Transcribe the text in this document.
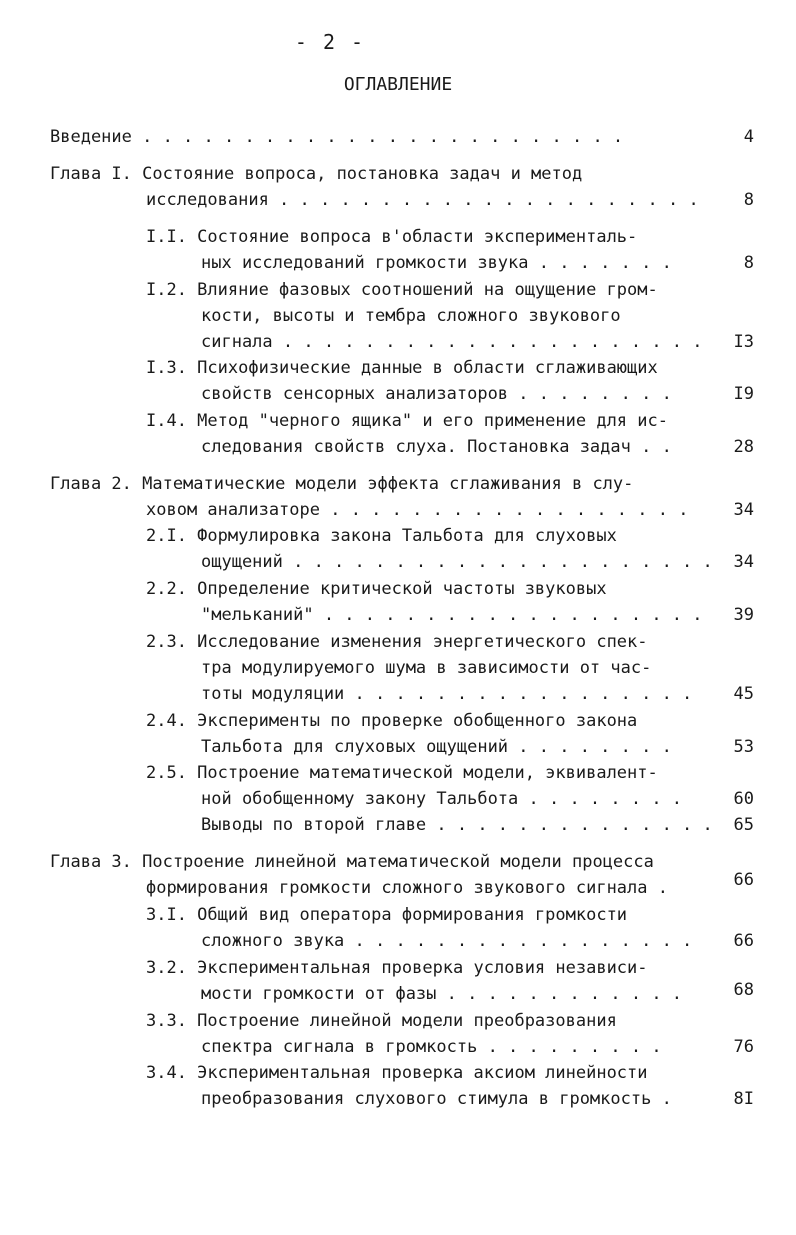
- 2 -
ОГЛАВЛЕНИЕ
Введение . . . . . . . . . . . . . . . . . . . . . . . .	4
Глава I. Состояние вопроса, постановка задач и метод
исследования . . . . . . . . . . . . . . . . . . . . .	8
I.I. Состояние вопроса в'области эксперименталь-
ных исследований громкости звука . . . . . . .	8
I.2. Влияние фазовых соотношений на ощущение гром-
кости, высоты и тембра сложного звукового
сигнала . . . . . . . . . . . . . . . . . . . . .	I3
I.3. Психофизические данные в области сглаживающих
свойств сенсорных анализаторов . . . . . . . .	I9
I.4. Метод "черного ящика" и его применение для ис-
следования свойств слуха. Постановка задач . .	28
Глава 2. Математические модели эффекта сглаживания в слу-
ховом анализаторе . . . . . . . . . . . . . . . . . .	34
2.I. Формулировка закона Тальбота для слуховых
ощущений . . . . . . . . . . . . . . . . . . . . .	34
2.2. Определение критической частоты звуковых
"мельканий" . . . . . . . . . . . . . . . . . . .	39
2.3. Исследование изменения энергетического спек-
тра модулируемого шума в зависимости от час-
тоты модуляции . . . . . . . . . . . . . . . . .	45
2.4. Эксперименты по проверке обобщенного закона
Тальбота для слуховых ощущений . . . . . . . .	53
2.5. Построение математической модели, эквивалент-
ной обобщенному закону Тальбота . . . . . . . .	60
Выводы по второй главе . . . . . . . . . . . . . .	65
Глава 3. Построение линейной математической модели процесса
формирования громкости сложного звукового сигнала .	66
3.I. Общий вид оператора формирования громкости
сложного звука . . . . . . . . . . . . . . . . .	66
3.2. Экспериментальная проверка условия независи-
мости громкости от фазы . . . . . . . . . . . .	68
3.3. Построение линейной модели преобразования
спектра сигнала в громкость . . . . . . . . .	76
3.4. Экспериментальная проверка аксиом линейности
преобразования слухового стимула в громкость .	8I
